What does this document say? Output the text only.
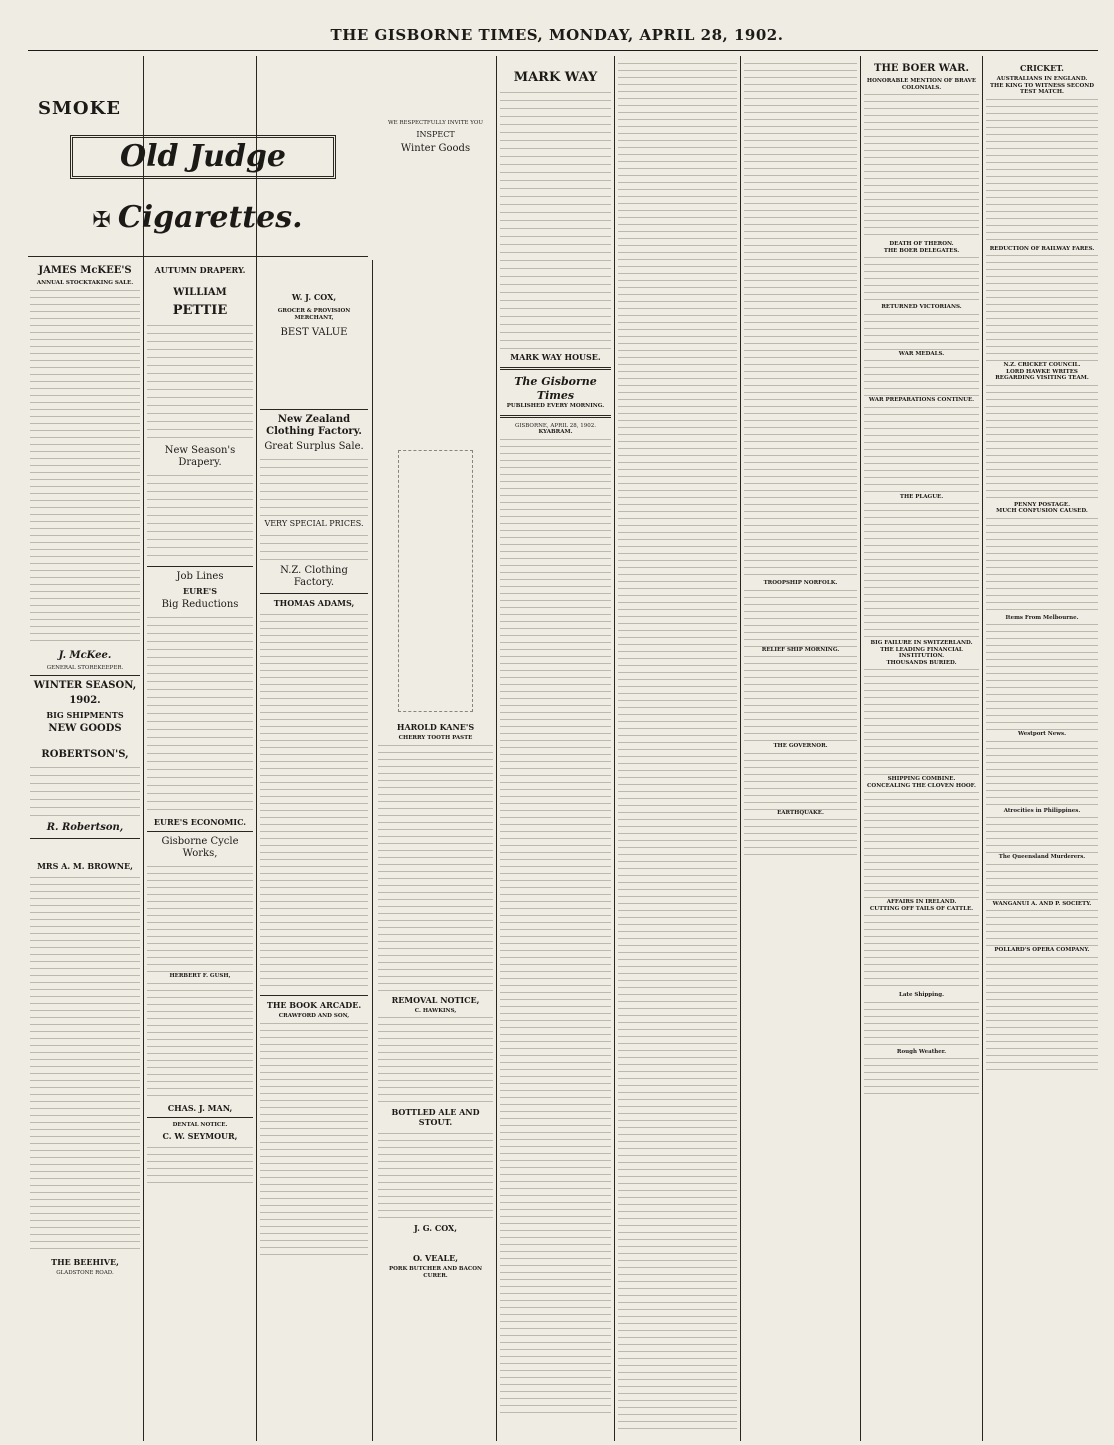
THE GISBORNE TIMES, MONDAY, APRIL 28, 1902.
SMOKE
Old Judge
✠ Cigarettes.
JAMES McKEE'S
ANNUAL STOCKTAKING SALE.
J. McKee.
GENERAL STOREKEEPER.
WINTER SEASON,
1902.
BIG SHIPMENTS
NEW GOODS
ROBERTSON'S,
R. Robertson,
MRS A. M. BROWNE,
THE BEEHIVE,
GLADSTONE ROAD.
AUTUMN DRAPERY.
WILLIAM
PETTIE
New Season's Drapery.
Job Lines
EURE'S
Big Reductions
EURE'S ECONOMIC.
Gisborne Cycle Works,
HERBERT F. GUSH,
CHAS. J. MAN,
DENTAL NOTICE.
C. W. SEYMOUR,
W. J. COX,
GROCER & PROVISION MERCHANT,
BEST VALUE
New Zealand Clothing Factory.
Great Surplus Sale.
VERY SPECIAL PRICES.
N.Z. Clothing Factory.
THOMAS ADAMS,
THE BOOK ARCADE.
CRAWFORD AND SON,
WE RESPECTFULLY INVITE YOU
INSPECT
Winter Goods
HAROLD KANE'S
CHERRY TOOTH PASTE
REMOVAL NOTICE,
C. HAWKINS,
BOTTLED ALE AND STOUT.
J. G. COX,
O. VEALE,
PORK BUTCHER AND BACON CURER.
MARK WAY
MARK WAY HOUSE.
The Gisborne Times
PUBLISHED EVERY MORNING.
GISBORNE, APRIL 28, 1902.
KYABRAM.
TROOPSHIP NORFOLK.
RELIEF SHIP MORNING.
THE GOVERNOR.
EARTHQUAKE.
THE BOER WAR.
HONORABLE MENTION OF BRAVE COLONIALS.
DEATH OF THERON.
THE BOER DELEGATES.
RETURNED VICTORIANS.
WAR MEDALS.
WAR PREPARATIONS CONTINUE.
THE PLAGUE.
BIG FAILURE IN SWITZERLAND.
THE LEADING FINANCIAL INSTITUTION.
THOUSANDS BURIED.
SHIPPING COMBINE.
CONCEALING THE CLOVEN HOOF.
AFFAIRS IN IRELAND.
CUTTING OFF TAILS OF CATTLE.
Late Shipping.
Rough Weather.
CRICKET.
AUSTRALIANS IN ENGLAND.
THE KING TO WITNESS SECOND TEST MATCH.
REDUCTION OF RAILWAY FARES.
N.Z. CRICKET COUNCIL.
LORD HAWKE WRITES REGARDING VISITING TEAM.
PENNY POSTAGE.
MUCH CONFUSION CAUSED.
Items From Melbourne.
Westport News.
Atrocities in Philippines.
The Queensland Murderers.
WANGANUI A. AND P. SOCIETY.
POLLARD'S OPERA COMPANY.
